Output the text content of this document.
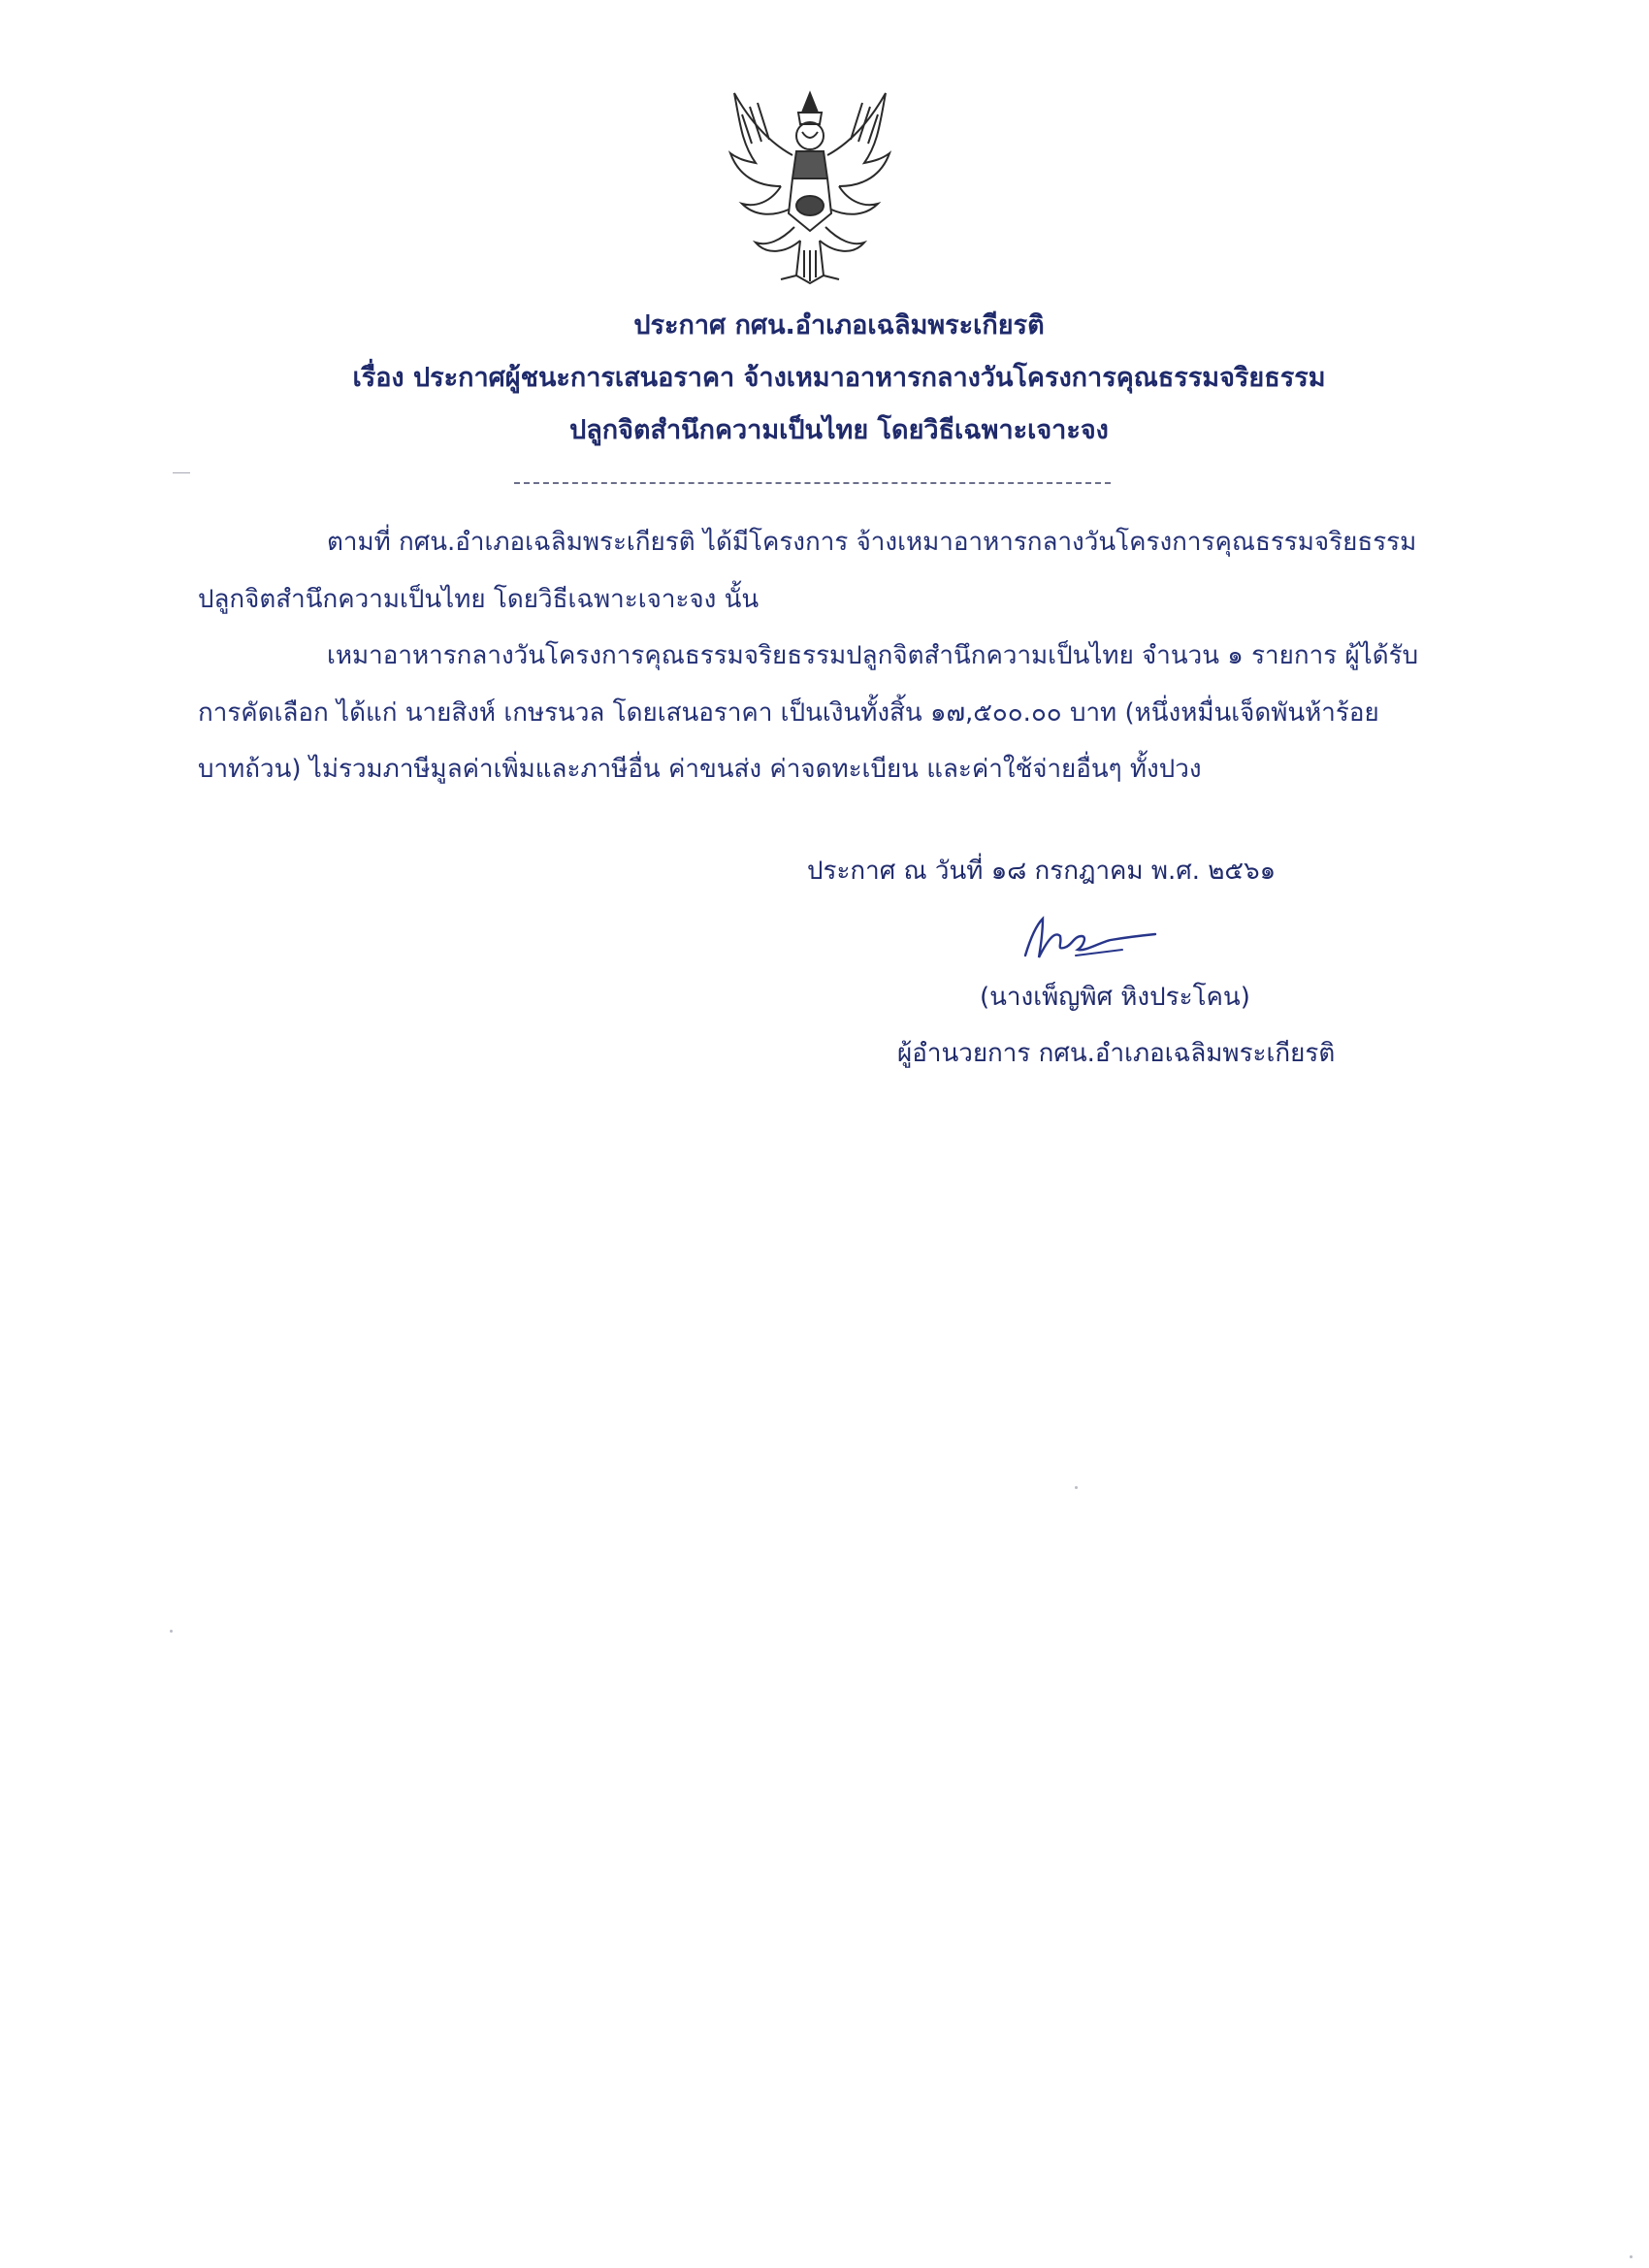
ประกาศ กศน.อำเภอเฉลิมพระเกียรติ
เรื่อง ประกาศผู้ชนะการเสนอราคา จ้างเหมาอาหารกลางวันโครงการคุณธรรมจริยธรรม
ปลูกจิตสำนึกความเป็นไทย โดยวิธีเฉพาะเจาะจง
ตามที่ กศน.อำเภอเฉลิมพระเกียรติ ได้มีโครงการ จ้างเหมาอาหารกลางวันโครงการคุณธรรมจริยธรรม
ปลูกจิตสำนึกความเป็นไทย โดยวิธีเฉพาะเจาะจง นั้น
เหมาอาหารกลางวันโครงการคุณธรรมจริยธรรมปลูกจิตสำนึกความเป็นไทย จำนวน ๑ รายการ ผู้ได้รับ
การคัดเลือก ได้แก่ นายสิงห์ เกษรนวล โดยเสนอราคา เป็นเงินทั้งสิ้น ๑๗,๕๐๐.๐๐ บาท (หนึ่งหมื่นเจ็ดพันห้าร้อย
บาทถ้วน) ไม่รวมภาษีมูลค่าเพิ่มและภาษีอื่น ค่าขนส่ง ค่าจดทะเบียน และค่าใช้จ่ายอื่นๆ ทั้งปวง
ประกาศ ณ วันที่ ๑๘ กรกฎาคม พ.ศ. ๒๕๖๑
(นางเพ็ญพิศ หิงประโคน)
ผู้อำนวยการ กศน.อำเภอเฉลิมพระเกียรติ
